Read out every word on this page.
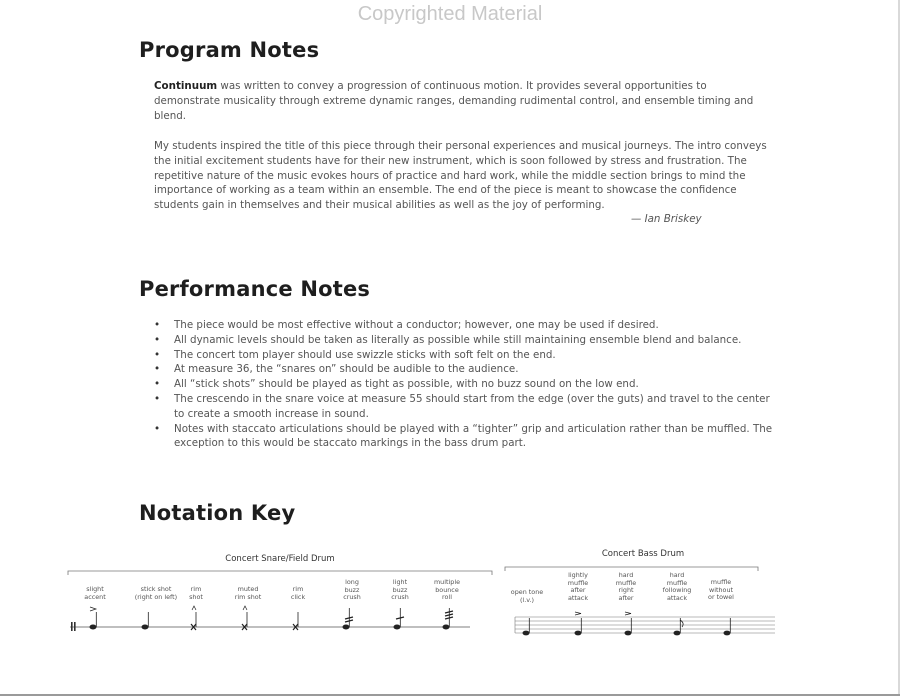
Copyrighted Material
Program Notes

Continuum was written to convey a progression of continuous motion. It provides several opportunities to demonstrate musicality through extreme dynamic ranges, demanding rudimental control, and ensemble timing and blend.

My students inspired the title of this piece through their personal experiences and musical journeys. The intro conveys the initial excitement students have for their new instrument, which is soon followed by stress and frustration. The repetitive nature of the music evokes hours of practice and hard work, while the middle section brings to mind the importance of working as a team within an ensemble. The end of the piece is meant to showcase the confidence students gain in themselves and their musical abilities as well as the joy of performing.

— Ian Briskey
Performance Notes
• The piece would be most effective without a conductor; however, one may be used if desired.
• All dynamic levels should be taken as literally as possible while still maintaining ensemble blend and balance.
• The concert tom player should use swizzle sticks with soft felt on the end.
• At measure 36, the “snares on” should be audible to the audience.
• All “stick shots” should be played as tight as possible, with no buzz sound on the low end.
• The crescendo in the snare voice at measure 55 should start from the edge (over the guts) and travel to the center to create a smooth increase in sound.
• Notes with staccato articulations should be played with a “tighter” grip and articulation rather than be muffled. The exception to this would be staccato markings in the bass drum part.
Notation Key
Concert Snare/Field Drum	Concert Bass Drum
slight
accent
stick shot
(right on left)
rim
shot
muted
rim shot
rim
click
long
buzz
crush
light
buzz
crush
multiple
bounce
roll
open tone
(l.v.)
lightly
muffle
after
attack
hard
muffle
right
after
hard
muffle
following
attack
muffle
without
or towel
